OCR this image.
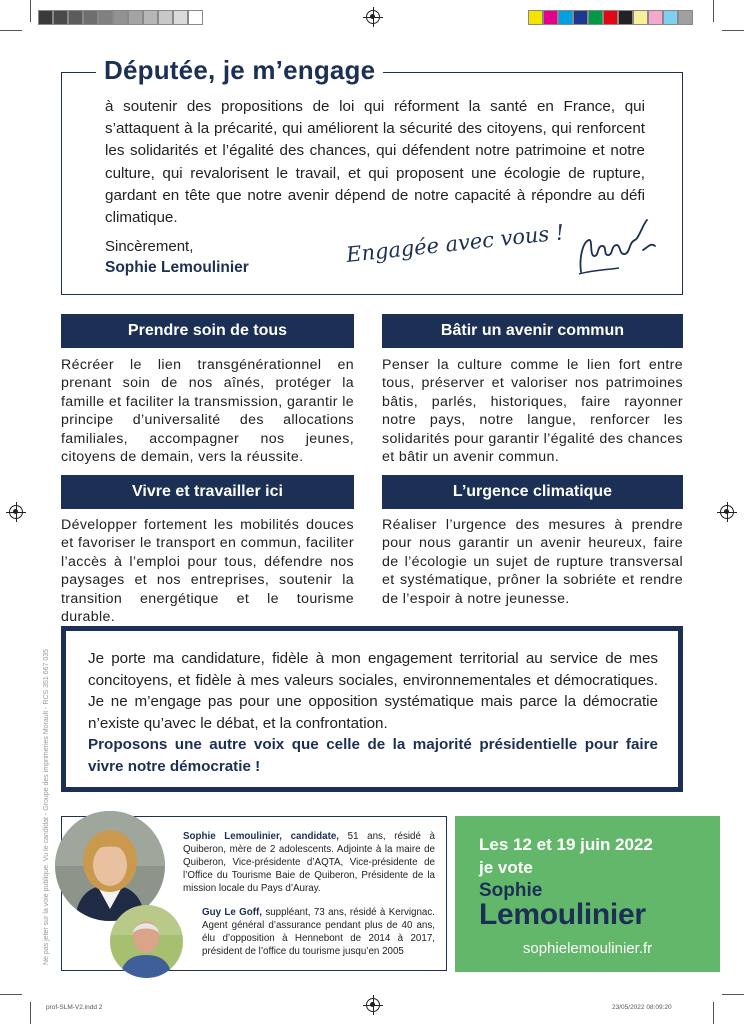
Députée, je m’engage
à soutenir des propositions de loi qui réforment la santé en France, qui s’attaquent à la précarité, qui améliorent la sécurité des citoyens, qui renforcent les solidarités et l’égalité des chances, qui défendent notre patrimoine et notre culture, qui revalorisent le travail, et qui proposent une écologie de rupture, gardant en tête que notre avenir dépend de notre capacité à répondre au défi climatique.
Sincèrement,
Sophie Lemoulinier
Engagée avec vous !
Prendre soin de tous
Récréer le lien transgénérationnel en prenant soin de nos aînés, protéger la famille et faciliter la transmission, garantir le principe d’universalité des allocations familiales, accompagner nos jeunes, citoyens de demain, vers la réussite.
Bâtir un avenir commun
Penser la culture comme le lien fort entre tous, préserver et valoriser nos patrimoines bâtis, parlés, historiques, faire rayonner notre pays, notre langue, renforcer les solidarités pour garantir l’égalité des chances et bâtir un avenir commun.
Vivre et travailler ici
Développer fortement les mobilités douces et favoriser le transport en commun, faciliter l’accès à l’emploi pour tous, défendre nos paysages et nos entreprises, soutenir la transition energétique et le tourisme durable.
L’urgence climatique
Réaliser l’urgence des mesures à prendre pour nous garantir un avenir heureux, faire de l’écologie un sujet de rupture transversal et systématique, prôner la sobriéte et rendre de l’espoir à notre jeunesse.
Je porte ma candidature, fidèle à mon engagement territorial au service de mes concitoyens, et fidèle à mes valeurs sociales, environnementales et démocratiques. Je ne m’engage pas pour une opposition systématique mais parce la démocratie n’existe qu’avec le débat, et la confrontation.
Proposons une autre voix que celle de la majorité présidentielle pour faire vivre notre démocratie !
Sophie Lemoulinier, candidate, 51 ans, résidé à Quiberon, mère de 2 adolescents. Adjointe à la maire de Quiberon, Vice-présidente d’AQTA, Vice-présidente de l’Office du Tourisme Baie de Quiberon, Présidente de la mission locale du Pays d’Auray.
Guy Le Goff, suppléant, 73 ans, résidé à Kervignac. Agent général d’assurance pendant plus de 40 ans, élu d’opposition à Hennebont de 2014 à 2017, président de l’office du tourisme jusqu’en 2005
Les 12 et 19 juin 2022
je vote
Sophie
Lemoulinier
sophielemoulinier.fr
Ne pas jeter sur la voie publique. Vu le candidat - Groupe des imprimeries Morault - RCS 351 667 035
prof-SLM-V2.indd 2	23/05/2022 08:09:20
